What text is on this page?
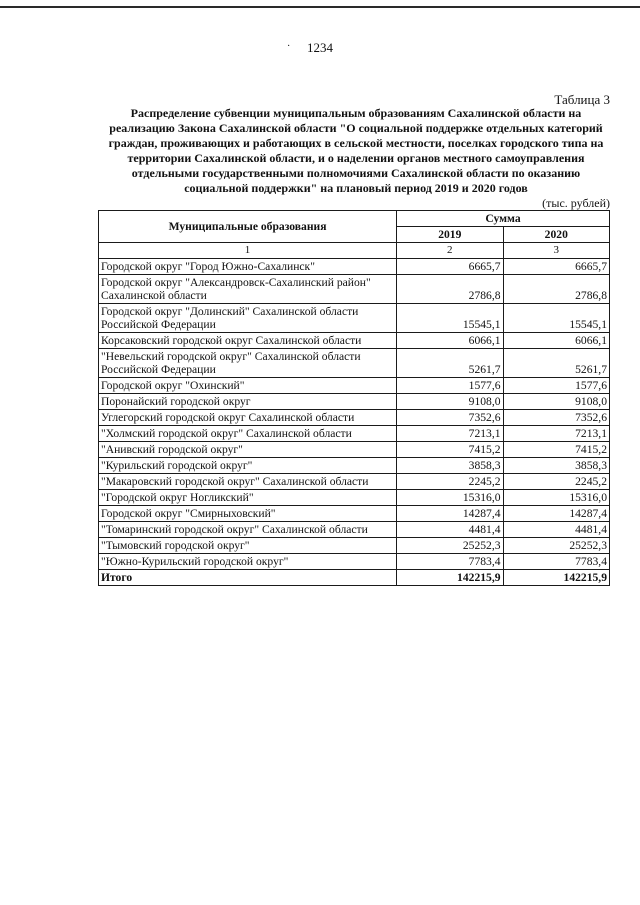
1234
·
Таблица 3
Распределение субвенции муниципальным образованиям Сахалинской области на реализацию Закона Сахалинской области "О социальной поддержке отдельных категорий граждан, проживающих и работающих в сельской местности, поселках городского типа на территории Сахалинской области, и о наделении органов местного самоуправления отдельными государственными полномочиями Сахалинской области по оказанию социальной поддержки" на плановый период 2019 и 2020 годов
(тыс. рублей)
Муниципальные образования	Сумма	
	2019	2020
1	2	3
Городской округ "Город Южно-Сахалинск"	6665,7	6665,7
Городской округ "Александровск-Сахалинский район" Сахалинской области	2786,8	2786,8
Городской округ "Долинский" Сахалинской области Российской Федерации	15545,1	15545,1
Корсаковский городской округ Сахалинской области	6066,1	6066,1
"Невельский городской округ" Сахалинской области Российской Федерации	5261,7	5261,7
Городской округ "Охинский"	1577,6	1577,6
Поронайский городской округ	9108,0	9108,0
Углегорский городской округ Сахалинской области	7352,6	7352,6
"Холмский городской округ" Сахалинской области	7213,1	7213,1
"Анивский городской округ"	7415,2	7415,2
"Курильский городской округ"	3858,3	3858,3
"Макаровский городской округ" Сахалинской области	2245,2	2245,2
"Городской округ Ногликский"	15316,0	15316,0
Городской округ "Смирныховский"	14287,4	14287,4
"Томаринский городской округ" Сахалинской области	4481,4	4481,4
"Тымовский городской округ"	25252,3	25252,3
"Южно-Курильский городской округ"	7783,4	7783,4
Итого	142215,9	142215,9
